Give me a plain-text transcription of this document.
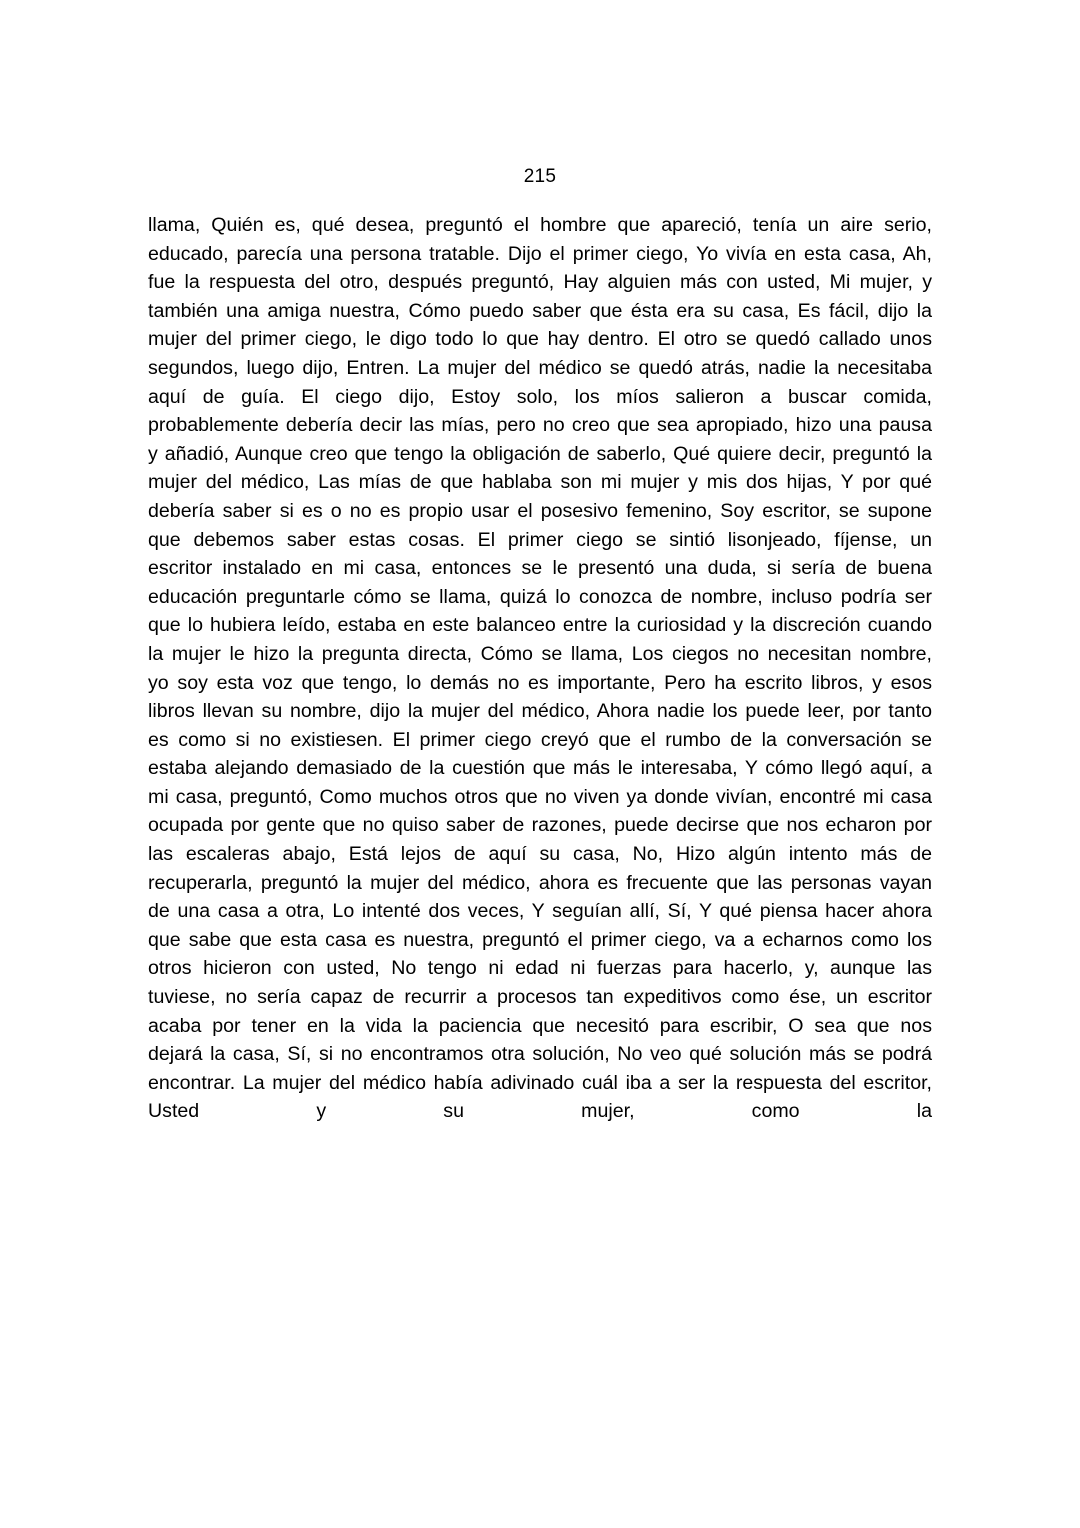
215
llama, Quién es, qué desea, preguntó el hombre que apareció, tenía un aire serio, educado, parecía una persona tratable. Dijo el primer ciego, Yo vivía en esta casa, Ah, fue la respuesta del otro, después preguntó, Hay alguien más con usted, Mi mujer, y también una amiga nuestra, Cómo puedo saber que ésta era su casa, Es fácil, dijo la mujer del primer ciego, le digo todo lo que hay dentro. El otro se quedó callado unos segundos, luego dijo, Entren. La mujer del médico se quedó atrás, nadie la necesitaba aquí de guía. El ciego dijo, Estoy solo, los míos salieron a buscar comida, probablemente debería decir las mías, pero no creo que sea apropiado, hizo una pausa y añadió, Aunque creo que tengo la obligación de saberlo, Qué quiere decir, preguntó la mujer del médico, Las mías de que hablaba son mi mujer y mis dos hijas, Y por qué debería saber si es o no es propio usar el posesivo femenino, Soy escritor, se supone que debemos saber estas cosas. El primer ciego se sintió lisonjeado, fíjense, un escritor instalado en mi casa, entonces se le presentó una duda, si sería de buena educación preguntarle cómo se llama, quizá lo conozca de nombre, incluso podría ser que lo hubiera leído, estaba en este balanceo entre la curiosidad y la discreción cuando la mujer le hizo la pregunta directa, Cómo se llama, Los ciegos no necesitan nombre, yo soy esta voz que tengo, lo demás no es importante, Pero ha escrito libros, y esos libros llevan su nombre, dijo la mujer del médico, Ahora nadie los puede leer, por tanto es como si no existiesen. El primer ciego creyó que el rumbo de la conversación se estaba alejando demasiado de la cuestión que más le interesaba, Y cómo llegó aquí, a mi casa, preguntó, Como muchos otros que no viven ya donde vivían, encontré mi casa ocupada por gente que no quiso saber de razones, puede decirse que nos echaron por las escaleras abajo, Está lejos de aquí su casa, No, Hizo algún intento más de recuperarla, preguntó la mujer del médico, ahora es frecuente que las personas vayan de una casa a otra, Lo intenté dos veces, Y seguían allí, Sí, Y qué piensa hacer ahora que sabe que esta casa es nuestra, preguntó el primer ciego, va a echarnos como los otros hicieron con usted, No tengo ni edad ni fuerzas para hacerlo, y, aunque las tuviese, no sería capaz de recurrir a procesos tan expeditivos como ése, un escritor acaba por tener en la vida la paciencia que necesitó para escribir, O sea que nos dejará la casa, Sí, si no encontramos otra solución, No veo qué solución más se podrá encontrar. La mujer del médico había adivinado cuál iba a ser la respuesta del escritor, Usted y su mujer, como la
